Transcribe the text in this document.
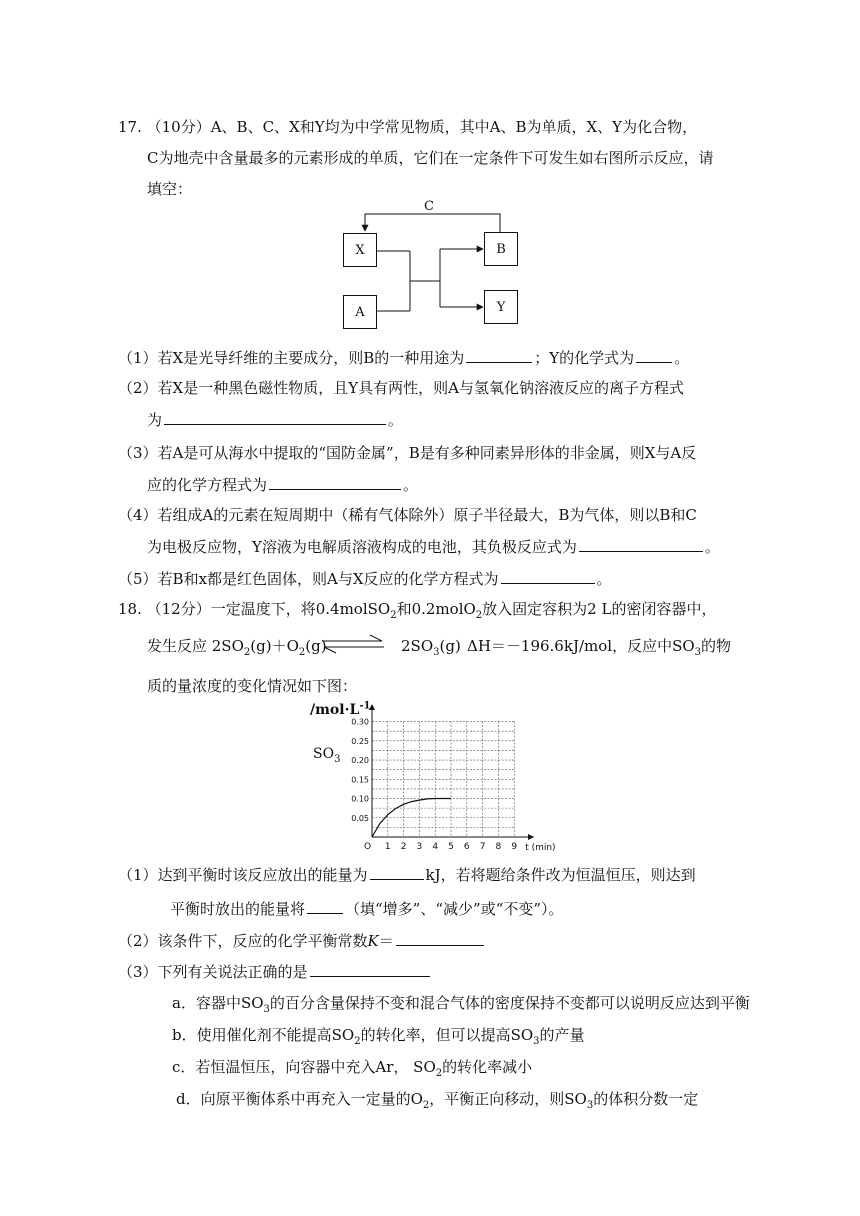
17. （10分）A、B、C、X和Y均为中学常见物质，其中A、B为单质，X、Y为化合物，
C为地壳中含量最多的元素形成的单质，它们在一定条件下可发生如右图所示反应，请
填空：
C
X
A
B
Y
（1）若X是光导纤维的主要成分，则B的一种用途为	；Y的化学式为	。
（2）若X是一种黑色磁性物质，且Y具有两性，则A与氢氧化钠溶液反应的离子方程式
为	。
（3）若A是可从海水中提取的“国防金属”，B是有多种同素异形体的非金属，则X与A反
应的化学方程式为	。
（4）若组成A的元素在短周期中（稀有气体除外）原子半径最大，B为气体，则以B和C
为电极反应物，Y溶液为电解质溶液构成的电池，其负极反应式为	。
（5）若B和x都是红色固体，则A与X反应的化学方程式为	。
18. （12分）一定温度下，将0.4molSO$_2$和0.2molO$_2$放入固定容积为2 L的密闭容器中，
发生反应 $2SO_2(g)+O_2(g)$	$2SO_3(g)$ ΔH＝－196.6kJ/mol，反应中$SO_3$的物
质的量浓度的变化情况如下图：
O 1 2 3 4 5 6 7 8 9 t (min)
0.05
0.10
0.15
0.20
0.25
0.30
$/mol\cdot L^{-1}$
$SO_3$
（1）达到平衡时该反应放出的能量为	kJ，若将题给条件改为恒温恒压，则达到
平衡时放出的能量将	（填“增多”、“减少”或“不变”）。
（2）该条件下，反应的化学平衡常数K＝
（3）下列有关说法正确的是
a．容器中$SO_3$的百分含量保持不变和混合气体的密度保持不变都可以说明反应达到平衡
b．使用催化剂不能提高$SO_2$的转化率，但可以提高$SO_3$的产量
c．若恒温恒压，向容器中充入Ar， $SO_2$的转化率减小
d．向原平衡体系中再充入一定量的$O_2$，平衡正向移动，则$SO_3$的体积分数一定
